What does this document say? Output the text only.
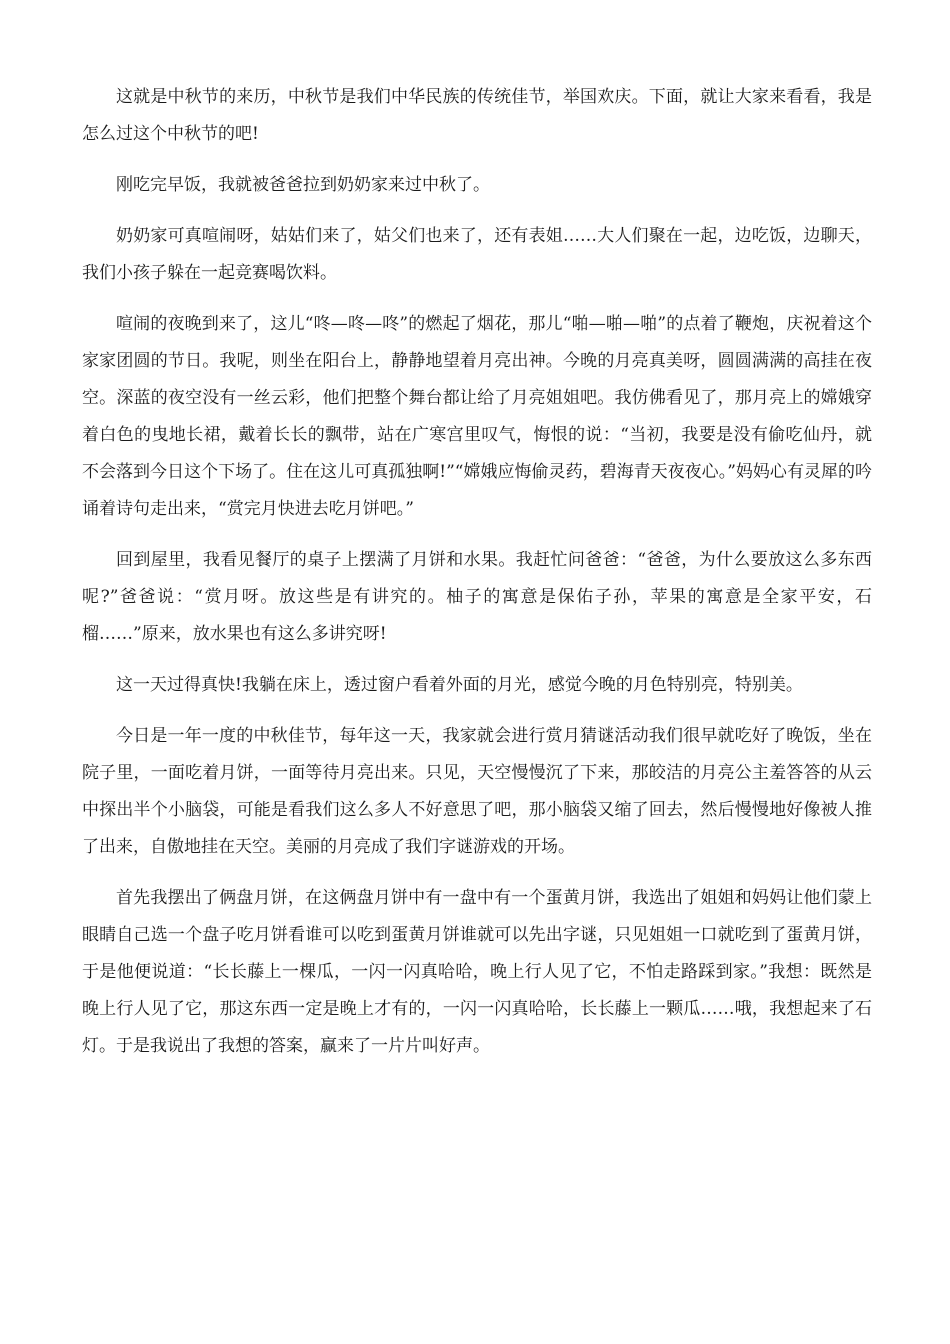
这就是中秋节的来历，中秋节是我们中华民族的传统佳节，举国欢庆。下面，就让大家来看看，我是怎么过这个中秋节的吧!

刚吃完早饭，我就被爸爸拉到奶奶家来过中秋了。

奶奶家可真喧闹呀，姑姑们来了，姑父们也来了，还有表姐……大人们聚在一起，边吃饭，边聊天，我们小孩子躲在一起竞赛喝饮料。

喧闹的夜晚到来了，这儿“咚—咚—咚”的燃起了烟花，那儿“啪—啪—啪”的点着了鞭炮，庆祝着这个家家团圆的节日。我呢，则坐在阳台上，静静地望着月亮出神。今晚的月亮真美呀，圆圆满满的高挂在夜空。深蓝的夜空没有一丝云彩，他们把整个舞台都让给了月亮姐姐吧。我仿佛看见了，那月亮上的嫦娥穿着白色的曳地长裙，戴着长长的飘带，站在广寒宫里叹气，悔恨的说：“当初，我要是没有偷吃仙丹，就不会落到今日这个下场了。住在这儿可真孤独啊!”“嫦娥应悔偷灵药，碧海青天夜夜心。”妈妈心有灵犀的吟诵着诗句走出来，“赏完月快进去吃月饼吧。”

回到屋里，我看见餐厅的桌子上摆满了月饼和水果。我赶忙问爸爸：“爸爸，为什么要放这么多东西呢?”爸爸说：“赏月呀。放这些是有讲究的。柚子的寓意是保佑子孙，苹果的寓意是全家平安，石榴……”原来，放水果也有这么多讲究呀!

这一天过得真快!我躺在床上，透过窗户看着外面的月光，感觉今晚的月色特别亮，特别美。

今日是一年一度的中秋佳节，每年这一天，我家就会进行赏月猜谜活动我们很早就吃好了晚饭，坐在院子里，一面吃着月饼，一面等待月亮出来。只见，天空慢慢沉了下来，那皎洁的月亮公主羞答答的从云中探出半个小脑袋，可能是看我们这么多人不好意思了吧，那小脑袋又缩了回去，然后慢慢地好像被人推了出来，自傲地挂在天空。美丽的月亮成了我们字谜游戏的开场。

首先我摆出了俩盘月饼，在这俩盘月饼中有一盘中有一个蛋黄月饼，我选出了姐姐和妈妈让他们蒙上眼睛自己选一个盘子吃月饼看谁可以吃到蛋黄月饼谁就可以先出字谜，只见姐姐一口就吃到了蛋黄月饼，于是他便说道：“长长藤上一棵瓜，一闪一闪真哈哈，晚上行人见了它，不怕走路踩到家。”我想：既然是晚上行人见了它，那这东西一定是晚上才有的，一闪一闪真哈哈，长长藤上一颗瓜……哦，我想起来了石灯。于是我说出了我想的答案，赢来了一片片叫好声。
